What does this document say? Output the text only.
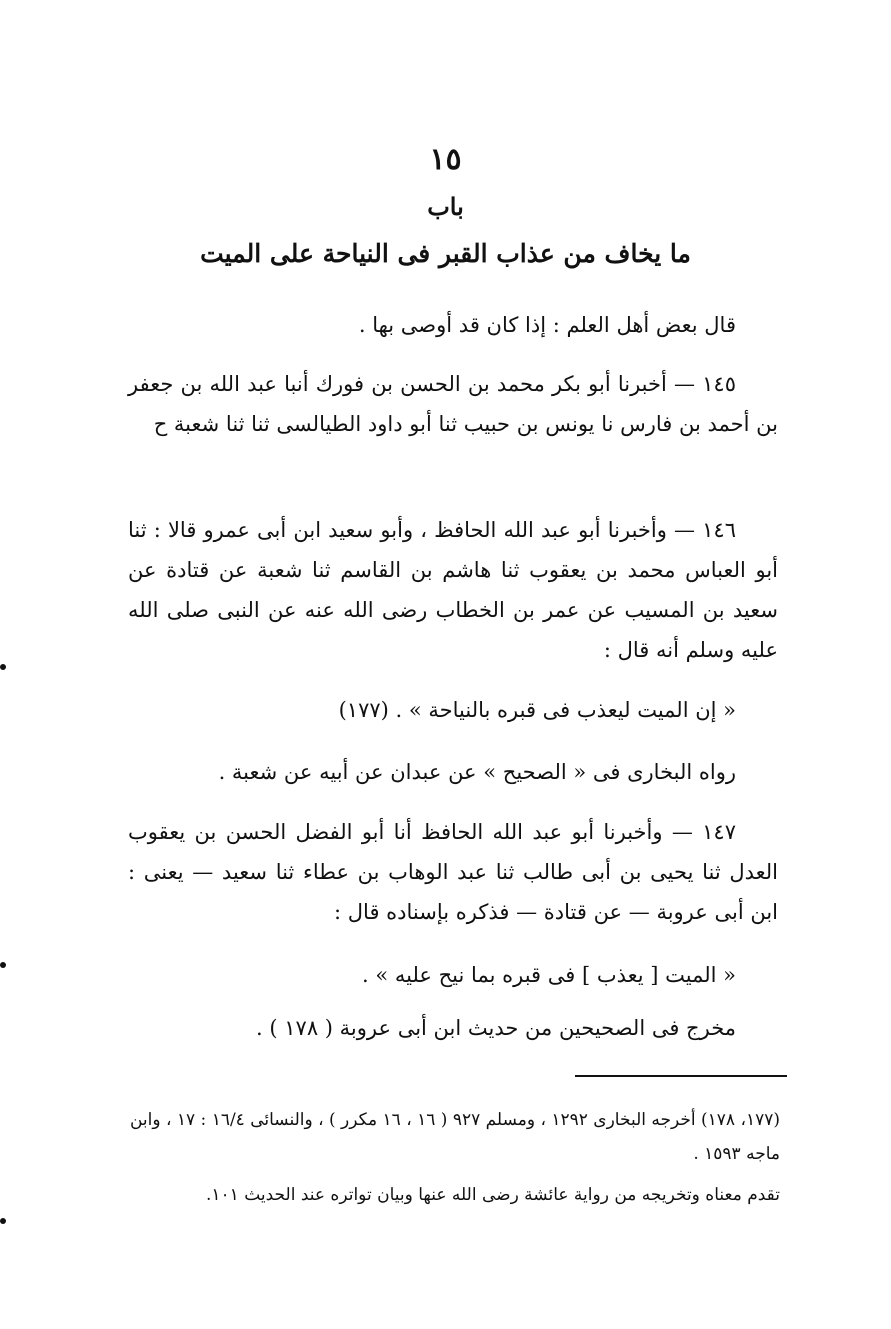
١٥
باب
ما يخاف من عذاب القبر فى النياحة على الميت
قال بعض أهل العلم : إذا كان قد أوصى بها .
١٤٥ — أخبرنا أبو بكر محمد بن الحسن بن فورك أنبا عبد الله بن جعفر بن أحمد بن فارس نا يونس بن حبيب ثنا أبو داود الطيالسى ثنا ثنا شعبة ح
١٤٦ — وأخبرنا أبو عبد الله الحافظ ، وأبو سعيد ابن أبى عمرو قالا : ثنا أبو العباس محمد بن يعقوب ثنا هاشم بن القاسم ثنا شعبة عن قتادة عن سعيد بن المسيب عن عمر بن الخطاب رضى الله عنه عن النبى صلى الله عليه وسلم أنه قال :
« إن الميت ليعذب فى قبره بالنياحة » . (١٧٧)
رواه البخارى فى « الصحيح » عن عبدان عن أبيه عن شعبة .
١٤٧ — وأخبرنا أبو عبد الله الحافظ أنا أبو الفضل الحسن بن يعقوب العدل ثنا يحيى بن أبى طالب ثنا عبد الوهاب بن عطاء ثنا سعيد — يعنى : ابن أبى عروبة — عن قتادة — فذكره بإسناده قال :
« الميت [ يعذب ] فى قبره بما نيح عليه » .
مخرج فى الصحيحين من حديث ابن أبى عروبة ( ١٧٨ ) .
(١٧٧، ١٧٨) أخرجه البخارى ١٢٩٢ ، ومسلم ٩٢٧ ( ١٦ ، ١٦ مكرر ) ، والنسائى ١٦/٤ : ١٧ ، وابن ماجه ١٥٩٣ .
تقدم معناه وتخريجه من رواية عائشة رضى الله عنها وبيان تواتره عند الحديث ١٠١.
